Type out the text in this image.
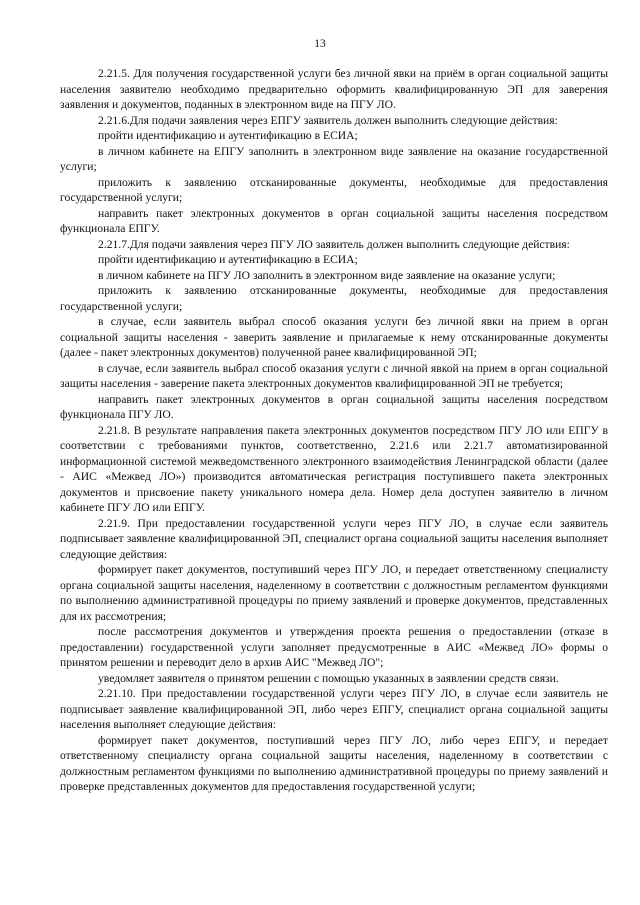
13

2.21.5. Для получения государственной услуги без личной явки на приём в орган социальной защиты населения заявителю необходимо предварительно оформить квалифицированную ЭП для заверения заявления и документов, поданных в электронном виде на ПГУ ЛО.

2.21.6.Для подачи заявления через ЕПГУ заявитель должен выполнить следующие действия:

пройти идентификацию и аутентификацию в ЕСИА;

в личном кабинете на ЕПГУ заполнить в электронном виде заявление на оказание государственной услуги;

приложить к заявлению отсканированные документы, необходимые для предоставления государственной услуги;

направить пакет электронных документов в орган социальной защиты населения посредством функционала ЕПГУ.

2.21.7.Для подачи заявления через ПГУ ЛО заявитель должен выполнить следующие действия:

пройти идентификацию и аутентификацию в ЕСИА;

в личном кабинете на ПГУ ЛО заполнить в электронном виде заявление на оказание услуги;

приложить к заявлению отсканированные документы, необходимые для предоставления государственной услуги;

в случае, если заявитель выбрал способ оказания услуги без личной явки на прием в орган социальной защиты населения - заверить заявление и прилагаемые к нему отсканированные документы (далее - пакет электронных документов) полученной ранее квалифицированной ЭП;

в случае, если заявитель выбрал способ оказания услуги с личной явкой на прием в орган социальной защиты населения - заверение пакета электронных документов квалифицированной ЭП не требуется;

направить пакет электронных документов в орган социальной защиты населения посредством функционала ПГУ ЛО.

2.21.8. В результате направления пакета электронных документов посредством ПГУ ЛО или ЕПГУ в соответствии с требованиями пунктов, соответственно, 2.21.6 или 2.21.7 автоматизированной информационной системой межведомственного электронного взаимодействия Ленинградской области (далее - АИС «Межвед ЛО») производится автоматическая регистрация поступившего пакета электронных документов и присвоение пакету уникального номера дела. Номер дела доступен заявителю в личном кабинете ПГУ ЛО или ЕПГУ.

2.21.9. При предоставлении государственной услуги через ПГУ ЛО, в случае если заявитель подписывает заявление квалифицированной ЭП, специалист органа социальной защиты населения выполняет следующие действия:

формирует пакет документов, поступивший через ПГУ ЛО, и передает ответственному специалисту органа социальной защиты населения, наделенному в соответствии с должностным регламентом функциями по выполнению административной процедуры по приему заявлений и проверке документов, представленных для их рассмотрения;

после рассмотрения документов и утверждения проекта решения о предоставлении (отказе в предоставлении) государственной услуги заполняет предусмотренные в АИС «Межвед ЛО» формы о принятом решении и переводит дело в архив АИС "Межвед ЛО";

уведомляет заявителя о принятом решении с помощью указанных в заявлении средств связи.

2.21.10. При предоставлении государственной услуги через ПГУ ЛО, в случае если заявитель не подписывает заявление квалифицированной ЭП, либо через ЕПГУ, специалист органа социальной защиты населения выполняет следующие действия:

формирует пакет документов, поступивший через ПГУ ЛО, либо через ЕПГУ, и передает ответственному специалисту органа социальной защиты населения, наделенному в соответствии с должностным регламентом функциями по выполнению административной процедуры по приему заявлений и проверке представленных документов для предоставления государственной услуги;
